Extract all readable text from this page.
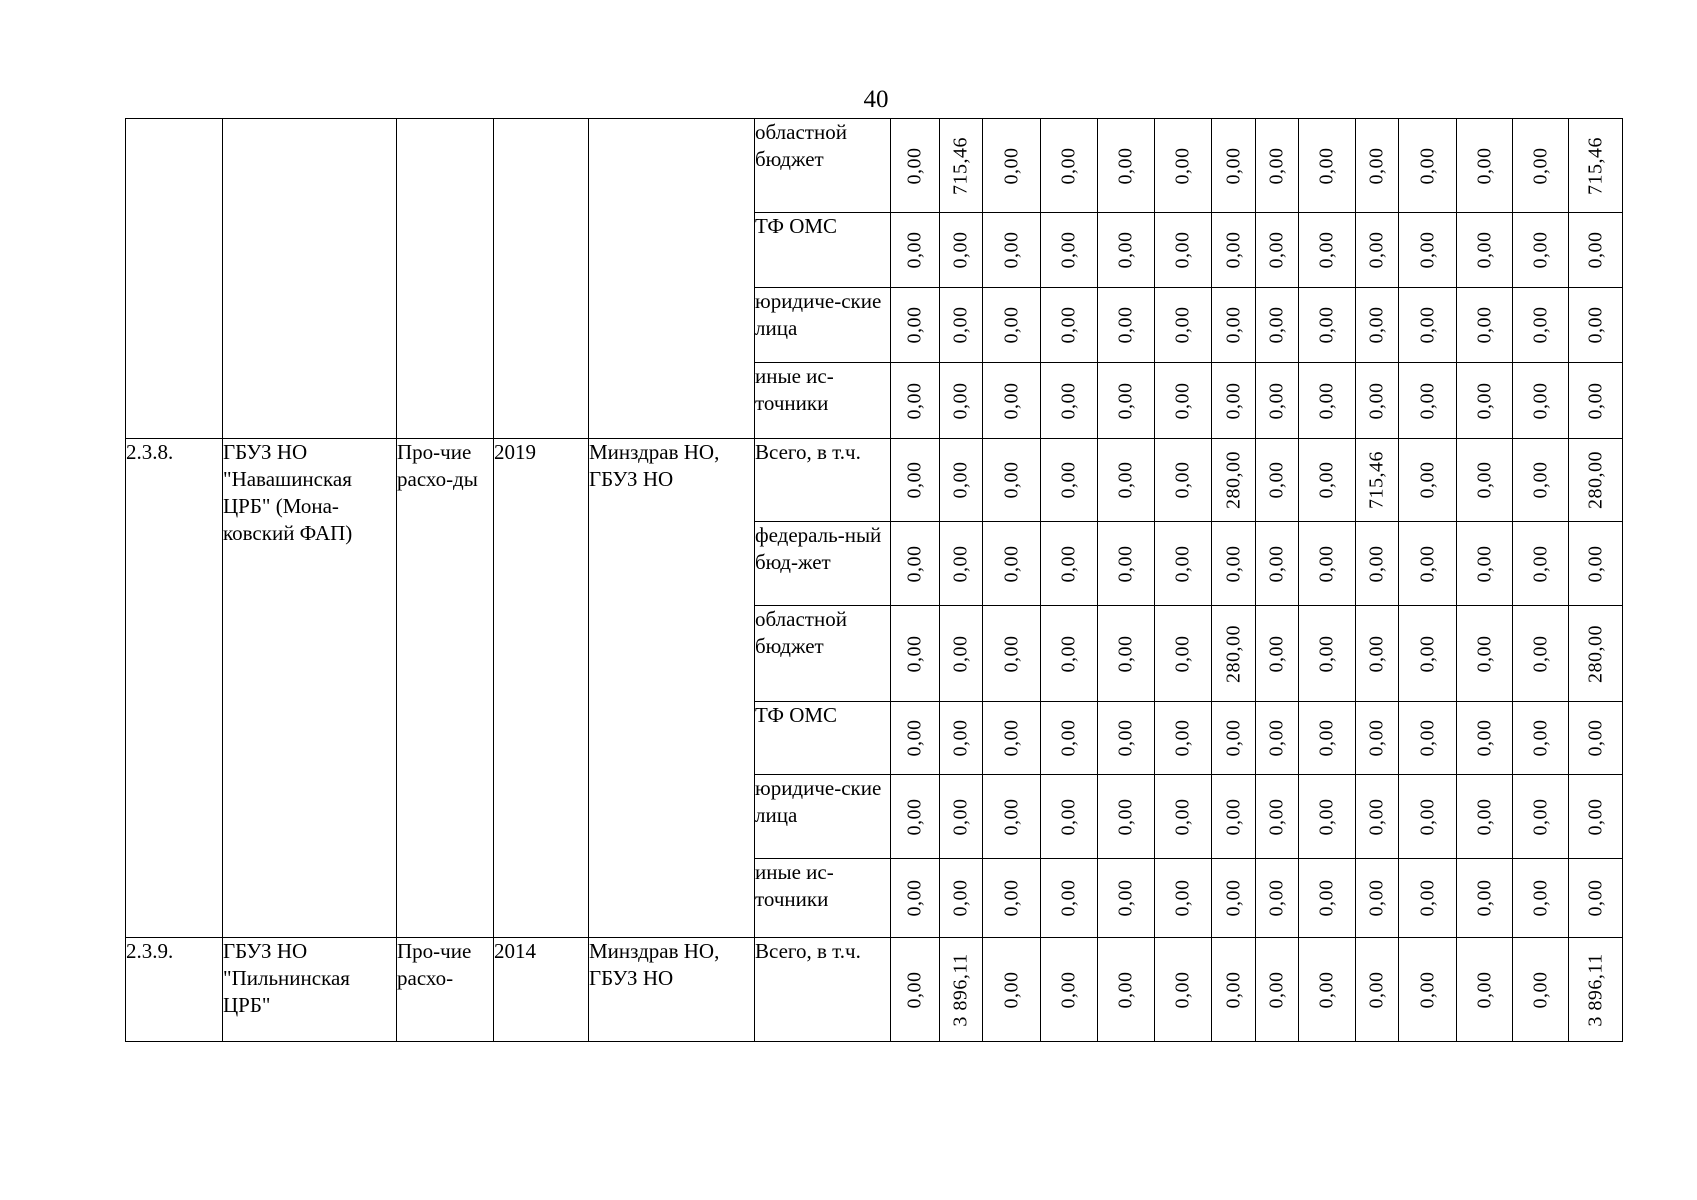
40
					областной бюджет	0,00	715,46	0,00	0,00	0,00	0,00	0,00	0,00	0,00	0,00	0,00	0,00	0,00	715,46

					ТФ ОМС	0,00	0,00	0,00	0,00	0,00	0,00	0,00	0,00	0,00	0,00	0,00	0,00	0,00	0,00

					юридиче-ские лица	0,00	0,00	0,00	0,00	0,00	0,00	0,00	0,00	0,00	0,00	0,00	0,00	0,00	0,00

					иные ис-точники	0,00	0,00	0,00	0,00	0,00	0,00	0,00	0,00	0,00	0,00	0,00	0,00	0,00	0,00

2.3.8.	ГБУЗ НО "Навашинская ЦРБ" (Мона-ковский ФАП)	Про-чие расхо-ды	2019	Минздрав НО, ГБУЗ НО	Всего, в т.ч.	0,00	0,00	0,00	0,00	0,00	0,00	280,00	0,00	0,00	715,46	0,00	0,00	0,00	280,00

					федераль-ный бюд-жет	0,00	0,00	0,00	0,00	0,00	0,00	0,00	0,00	0,00	0,00	0,00	0,00	0,00	0,00

					областной бюджет	0,00	0,00	0,00	0,00	0,00	0,00	280,00	0,00	0,00	0,00	0,00	0,00	0,00	280,00

					ТФ ОМС	0,00	0,00	0,00	0,00	0,00	0,00	0,00	0,00	0,00	0,00	0,00	0,00	0,00	0,00

					юридиче-ские лица	0,00	0,00	0,00	0,00	0,00	0,00	0,00	0,00	0,00	0,00	0,00	0,00	0,00	0,00

					иные ис-точники	0,00	0,00	0,00	0,00	0,00	0,00	0,00	0,00	0,00	0,00	0,00	0,00	0,00	0,00

2.3.9.	ГБУЗ НО "Пильнинская ЦРБ"	Про-чие расхо-	2014	Минздрав НО, ГБУЗ НО	Всего, в т.ч.	0,00	3 896,11	0,00	0,00	0,00	0,00	0,00	0,00	0,00	0,00	0,00	0,00	0,00	3 896,11
